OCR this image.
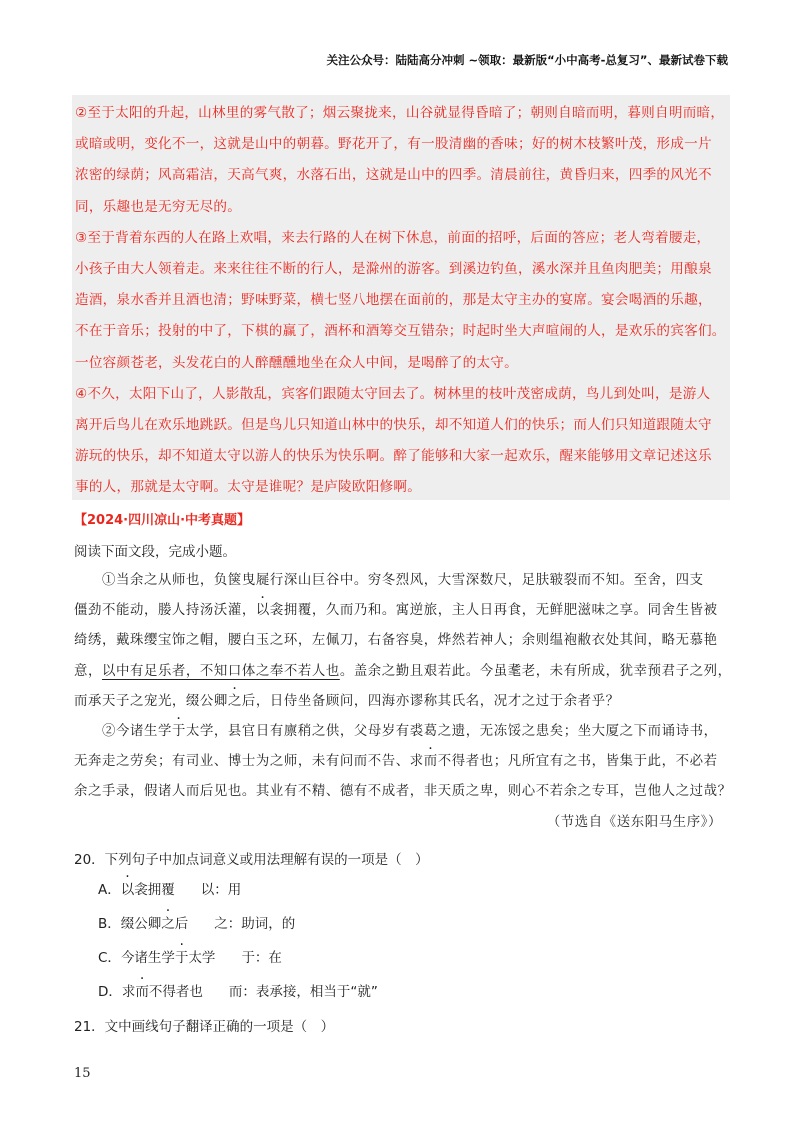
关注公众号：陆陆高分冲刺 ~领取：最新版“小中高考-总复习”、最新试卷下载

②至于太阳的升起，山林里的雾气散了；烟云聚拢来，山谷就显得昏暗了；朝则自暗而明，暮则自明而暗，

或暗或明，变化不一，这就是山中的朝暮。野花开了，有一股清幽的香味；好的树木枝繁叶茂，形成一片

浓密的绿荫；风高霜洁，天高气爽，水落石出，这就是山中的四季。清晨前往，黄昏归来，四季的风光不

同，乐趣也是无穷无尽的。

③至于背着东西的人在路上欢唱，来去行路的人在树下休息，前面的招呼，后面的答应；老人弯着腰走，

小孩子由大人领着走。来来往往不断的行人，是滁州的游客。到溪边钓鱼，溪水深并且鱼肉肥美；用酿泉

造酒，泉水香并且酒也清；野味野菜，横七竖八地摆在面前的，那是太守主办的宴席。宴会喝酒的乐趣，

不在于音乐；投射的中了，下棋的赢了，酒杯和酒筹交互错杂；时起时坐大声喧闹的人，是欢乐的宾客们。

一位容颜苍老，头发花白的人醉醺醺地坐在众人中间，是喝醉了的太守。

④不久，太阳下山了，人影散乱，宾客们跟随太守回去了。树林里的枝叶茂密成荫，鸟儿到处叫，是游人

离开后鸟儿在欢乐地跳跃。但是鸟儿只知道山林中的快乐，却不知道人们的快乐；而人们只知道跟随太守

游玩的快乐，却不知道太守以游人的快乐为快乐啊。醉了能够和大家一起欢乐，醒来能够用文章记述这乐

事的人，那就是太守啊。太守是谁呢？是庐陵欧阳修啊。

【2024·四川凉山·中考真题】
阅读下面文段，完成小题。

①当余之从师也，负箧曳屣行深山巨谷中。穷冬烈风，大雪深数尺，足肤皲裂而不知。至舍，四支

僵劲不能动，媵人持汤沃灌，以衾拥覆，久而乃和。寓逆旅，主人日再食，无鲜肥滋味之享。同舍生皆被

绮绣，戴珠缨宝饰之帽，腰白玉之环，左佩刀，右备容臭，烨然若神人；余则缊袍敝衣处其间，略无慕艳

意，以中有足乐者，不知口体之奉不若人也。盖余之勤且艰若此。今虽耄老，未有所成，犹幸预君子之列，

而承天子之宠光，缀公卿之后，日侍坐备顾问，四海亦谬称其氏名，况才之过于余者乎？

②今诸生学于太学，县官日有廪稍之供，父母岁有裘葛之遗，无冻馁之患矣；坐大厦之下而诵诗书，

无奔走之劳矣；有司业、博士为之师，未有问而不告、求而不得者也；凡所宜有之书，皆集于此，不必若

余之手录，假诸人而后见也。其业有不精、德有不成者，非天质之卑，则心不若余之专耳，岂他人之过哉？

（节选自《送东阳马生序》）

20．下列句子中加点词意义或用法理解有误的一项是（　）
A．以衾拥覆 以：用
B．缀公卿之后 之：助词，的
C．今诸生学于太学 于：在
D．求而不得者也 而：表承接，相当于“就”
21．文中画线句子翻译正确的一项是（　）
15
